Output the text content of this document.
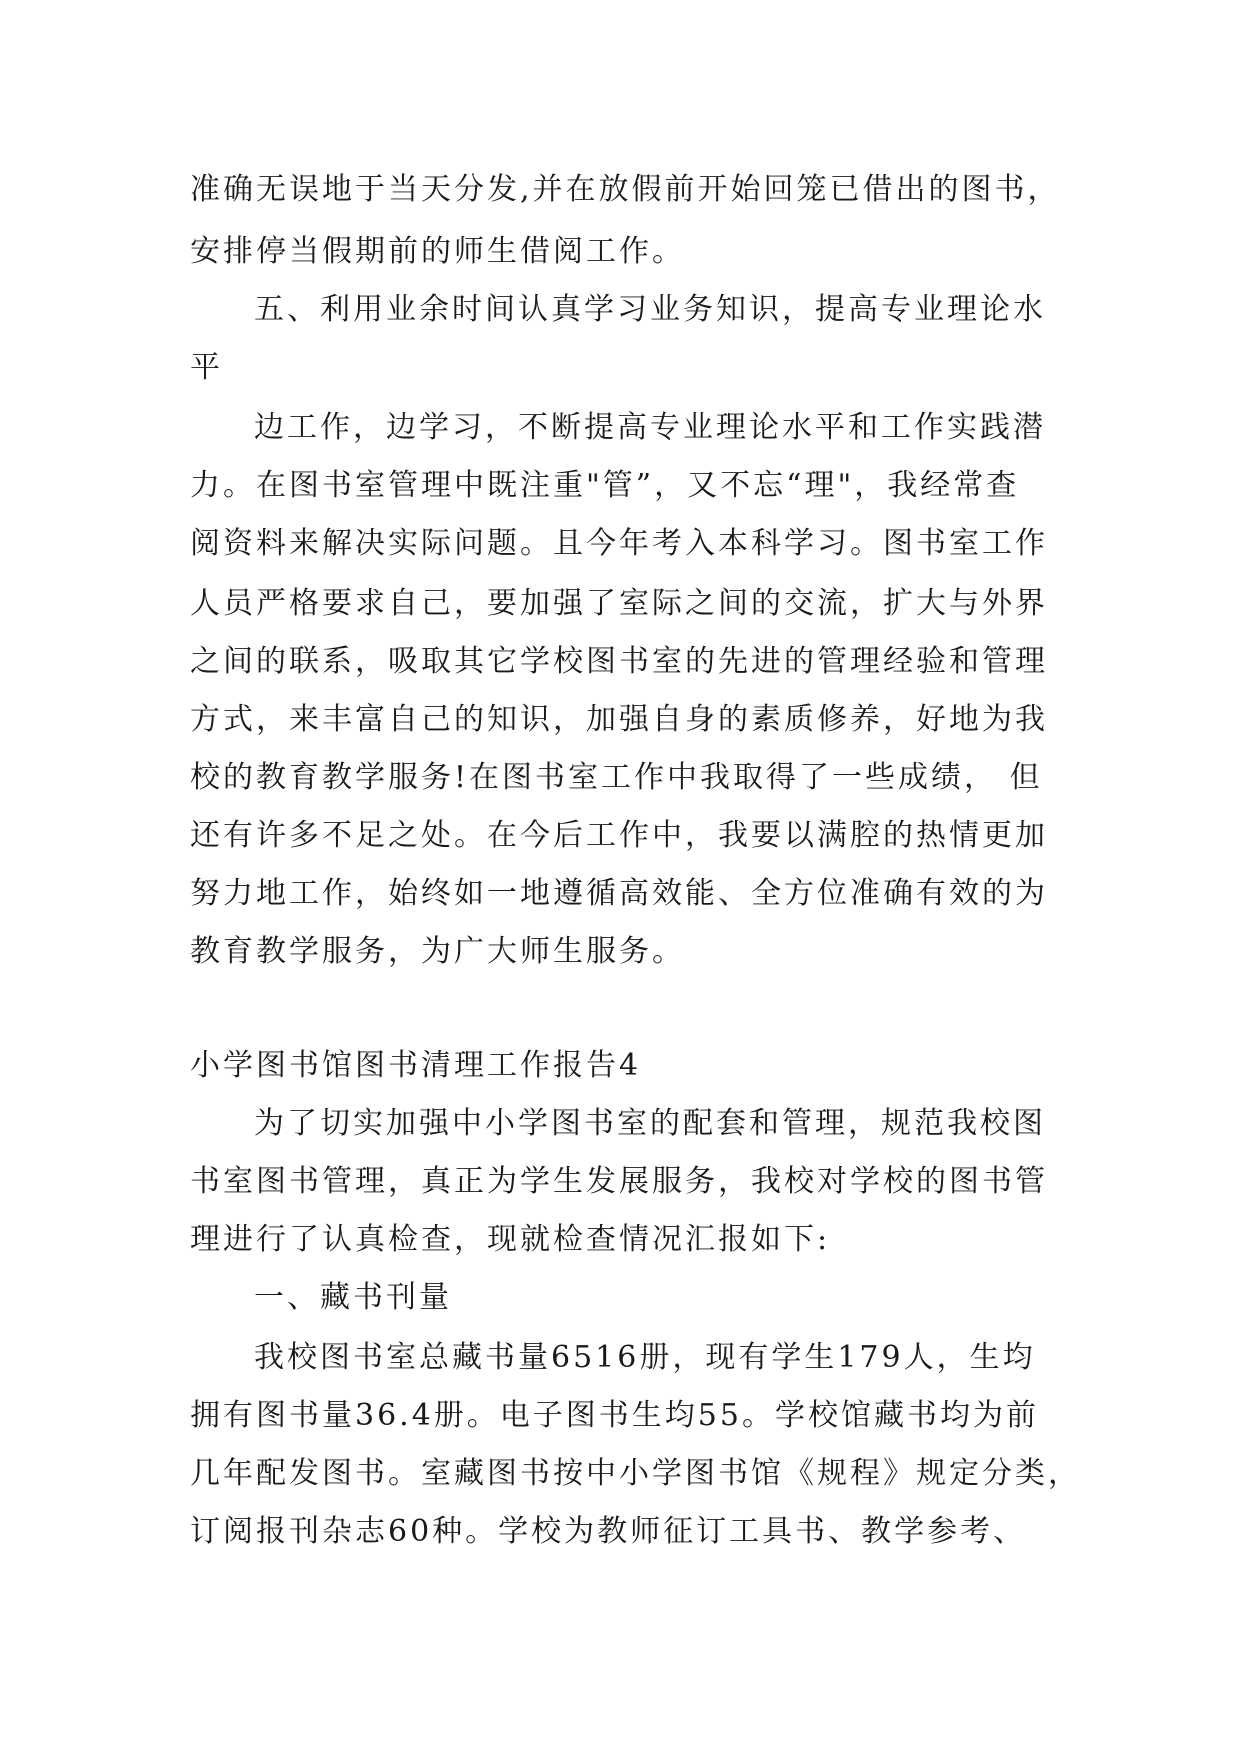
准确无误地于当天分发,并在放假前开始回笼已借出的图书，
安排停当假期前的师生借阅工作。
五、利用业余时间认真学习业务知识，提高专业理论水
平
边工作，边学习，不断提高专业理论水平和工作实践潜
力。在图书室管理中既注重"管”，又不忘“理"，我经常查
阅资料来解决实际问题。且今年考入本科学习。图书室工作
人员严格要求自己，要加强了室际之间的交流，扩大与外界
之间的联系，吸取其它学校图书室的先进的管理经验和管理
方式，来丰富自己的知识，加强自身的素质修养，好地为我
校的教育教学服务!在图书室工作中我取得了一些成绩， 但
还有许多不足之处。在今后工作中，我要以满腔的热情更加
努力地工作，始终如一地遵循高效能、全方位准确有效的为
教育教学服务，为广大师生服务。
小学图书馆图书清理工作报告4
为了切实加强中小学图书室的配套和管理，规范我校图
书室图书管理，真正为学生发展服务，我校对学校的图书管
理进行了认真检查，现就检查情况汇报如下:
一、藏书刊量
我校图书室总藏书量6516册，现有学生179人，生均
拥有图书量36.4册。电子图书生均55。学校馆藏书均为前
几年配发图书。室藏图书按中小学图书馆《规程》规定分类，
订阅报刊杂志60种。学校为教师征订工具书、教学参考、
